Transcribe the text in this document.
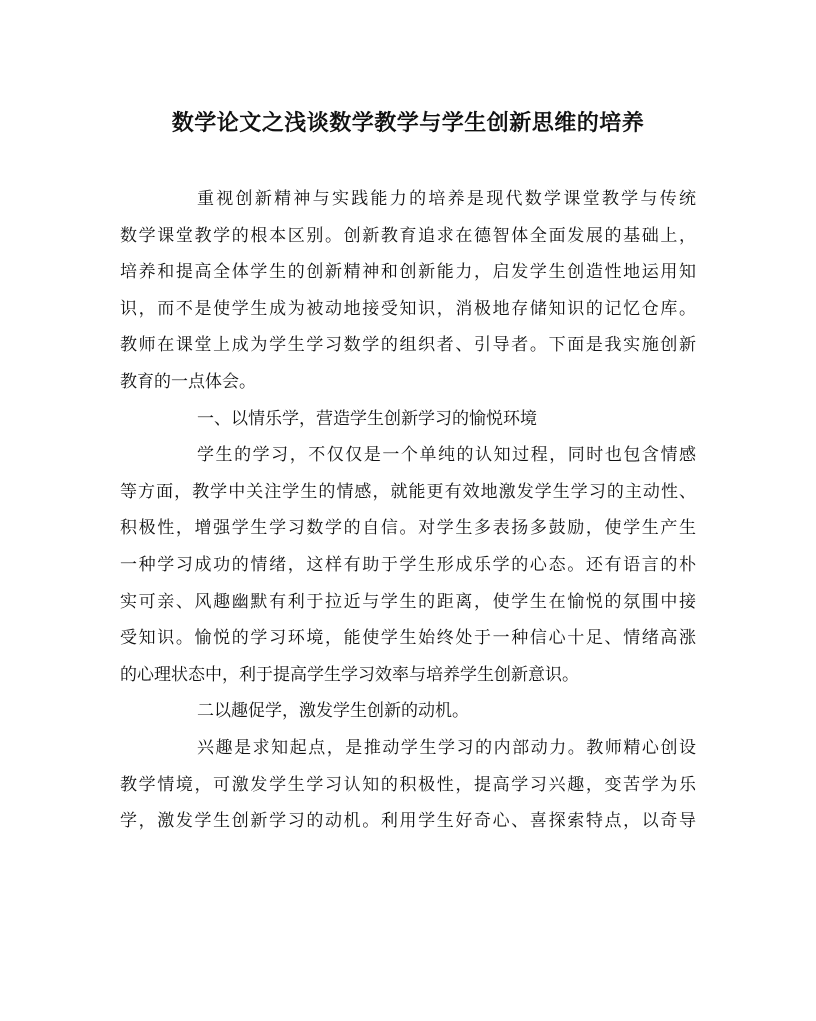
数学论文之浅谈数学教学与学生创新思维的培养
重视创新精神与实践能力的培养是现代数学课堂教学与传统
数学课堂教学的根本区别。创新教育追求在德智体全面发展的基础上，
培养和提高全体学生的创新精神和创新能力，启发学生创造性地运用知
识，而不是使学生成为被动地接受知识，消极地存储知识的记忆仓库。
教师在课堂上成为学生学习数学的组织者、引导者。下面是我实施创新
教育的一点体会。
一、以情乐学，营造学生创新学习的愉悦环境
学生的学习，不仅仅是一个单纯的认知过程，同时也包含情感
等方面，教学中关注学生的情感，就能更有效地激发学生学习的主动性、
积极性，增强学生学习数学的自信。对学生多表扬多鼓励，使学生产生
一种学习成功的情绪，这样有助于学生形成乐学的心态。还有语言的朴
实可亲、风趣幽默有利于拉近与学生的距离，使学生在愉悦的氛围中接
受知识。愉悦的学习环境，能使学生始终处于一种信心十足、情绪高涨
的心理状态中，利于提高学生学习效率与培养学生创新意识。
二以趣促学，激发学生创新的动机。
兴趣是求知起点，是推动学生学习的内部动力。教师精心创设
教学情境，可激发学生学习认知的积极性，提高学习兴趣，变苦学为乐
学，激发学生创新学习的动机。利用学生好奇心、喜探索特点，以奇导
